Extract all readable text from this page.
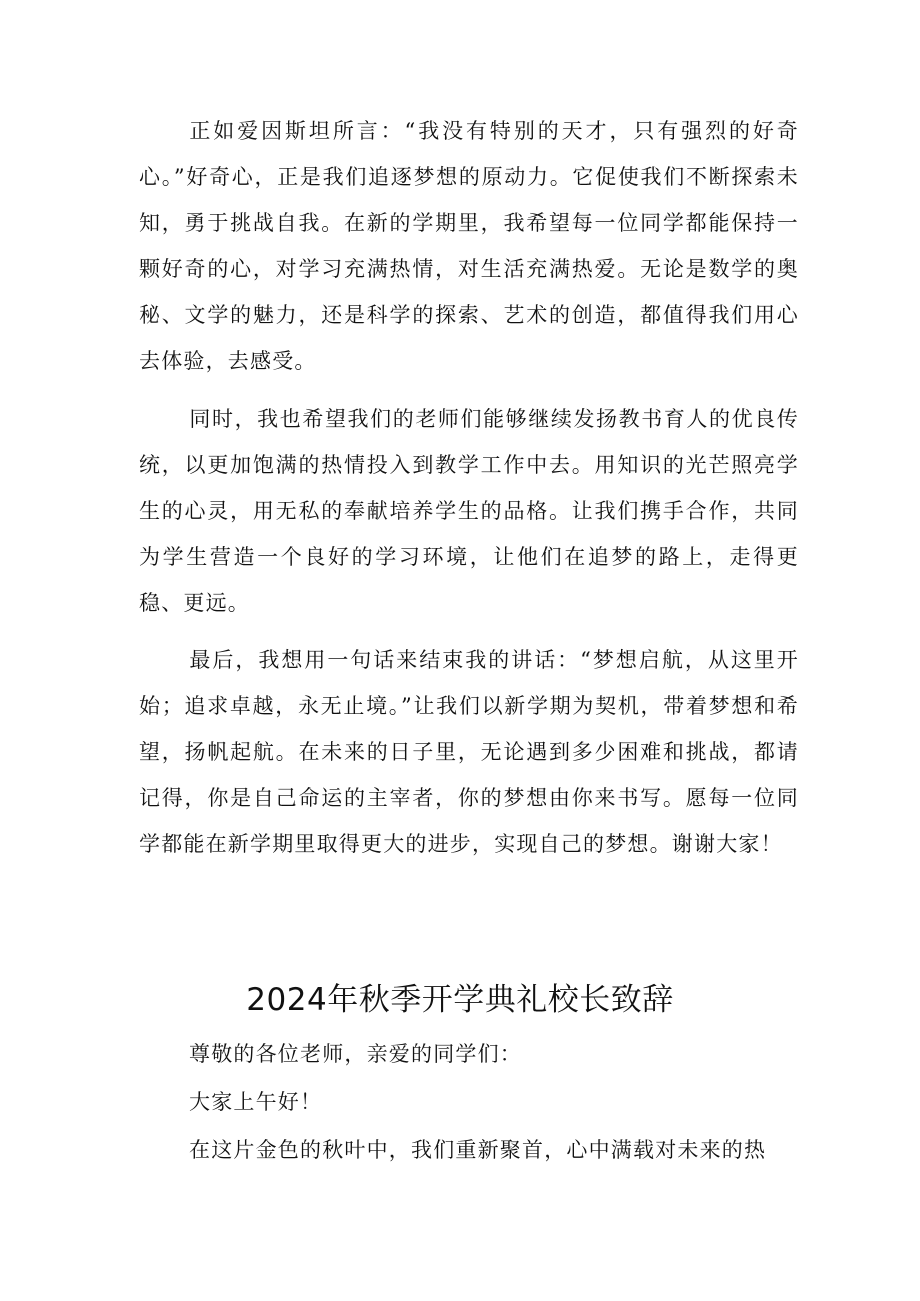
正如爱因斯坦所言：“我没有特别的天才，只有强烈的好奇心。”好奇心，正是我们追逐梦想的原动力。它促使我们不断探索未知，勇于挑战自我。在新的学期里，我希望每一位同学都能保持一颗好奇的心，对学习充满热情，对生活充满热爱。无论是数学的奥秘、文学的魅力，还是科学的探索、艺术的创造，都值得我们用心去体验，去感受。

同时，我也希望我们的老师们能够继续发扬教书育人的优良传统，以更加饱满的热情投入到教学工作中去。用知识的光芒照亮学生的心灵，用无私的奉献培养学生的品格。让我们携手合作，共同为学生营造一个良好的学习环境，让他们在追梦的路上，走得更稳、更远。

最后，我想用一句话来结束我的讲话：“梦想启航，从这里开始；追求卓越，永无止境。”让我们以新学期为契机，带着梦想和希望，扬帆起航。在未来的日子里，无论遇到多少困难和挑战，都请记得，你是自己命运的主宰者，你的梦想由你来书写。愿每一位同学都能在新学期里取得更大的进步，实现自己的梦想。谢谢大家！

2024年秋季开学典礼校长致辞
尊敬的各位老师，亲爱的同学们：
大家上午好！
在这片金色的秋叶中，我们重新聚首，心中满载对未来的热
